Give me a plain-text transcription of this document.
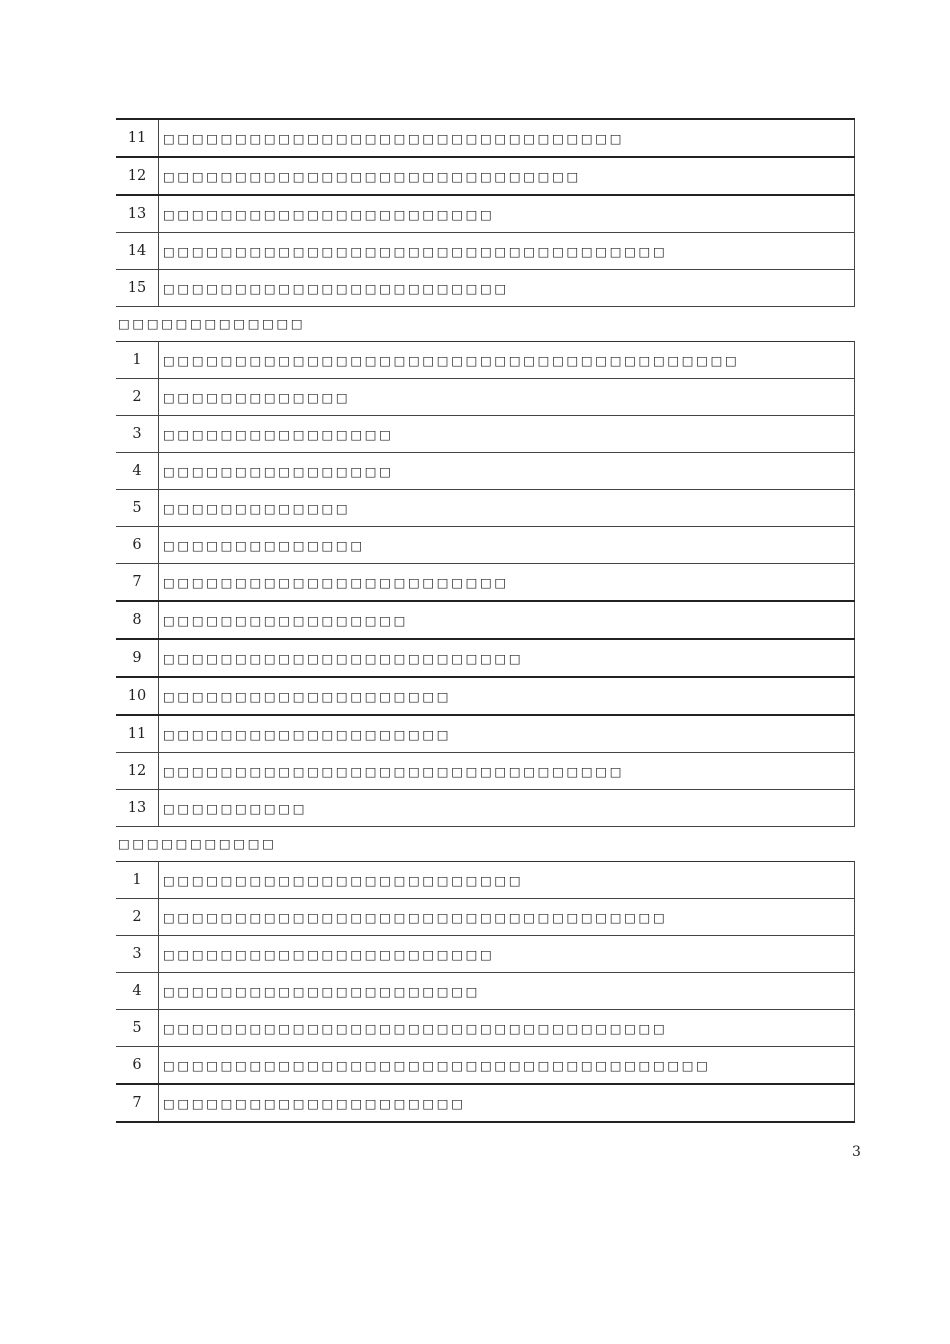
11	□□□□□□□□□□□□□□□□□□□□□□□□□□□□□□□□
12	□□□□□□□□□□□□□□□□□□□□□□□□□□□□□
13	□□□□□□□□□□□□□□□□□□□□□□□
14	□□□□□□□□□□□□□□□□□□□□□□□□□□□□□□□□□□□
15	□□□□□□□□□□□□□□□□□□□□□□□□
□□□□□□□□□□□□□
1	□□□□□□□□□□□□□□□□□□□□□□□□□□□□□□□□□□□□□□□□
2	□□□□□□□□□□□□□
3	□□□□□□□□□□□□□□□□
4	□□□□□□□□□□□□□□□□
5	□□□□□□□□□□□□□
6	□□□□□□□□□□□□□□
7	□□□□□□□□□□□□□□□□□□□□□□□□
8	□□□□□□□□□□□□□□□□□
9	□□□□□□□□□□□□□□□□□□□□□□□□□
10	□□□□□□□□□□□□□□□□□□□□
11	□□□□□□□□□□□□□□□□□□□□
12	□□□□□□□□□□□□□□□□□□□□□□□□□□□□□□□□
13	□□□□□□□□□□
□□□□□□□□□□□
1	□□□□□□□□□□□□□□□□□□□□□□□□□
2	□□□□□□□□□□□□□□□□□□□□□□□□□□□□□□□□□□□
3	□□□□□□□□□□□□□□□□□□□□□□□
4	□□□□□□□□□□□□□□□□□□□□□□
5	□□□□□□□□□□□□□□□□□□□□□□□□□□□□□□□□□□□
6	□□□□□□□□□□□□□□□□□□□□□□□□□□□□□□□□□□□□□□
7	□□□□□□□□□□□□□□□□□□□□□
3
